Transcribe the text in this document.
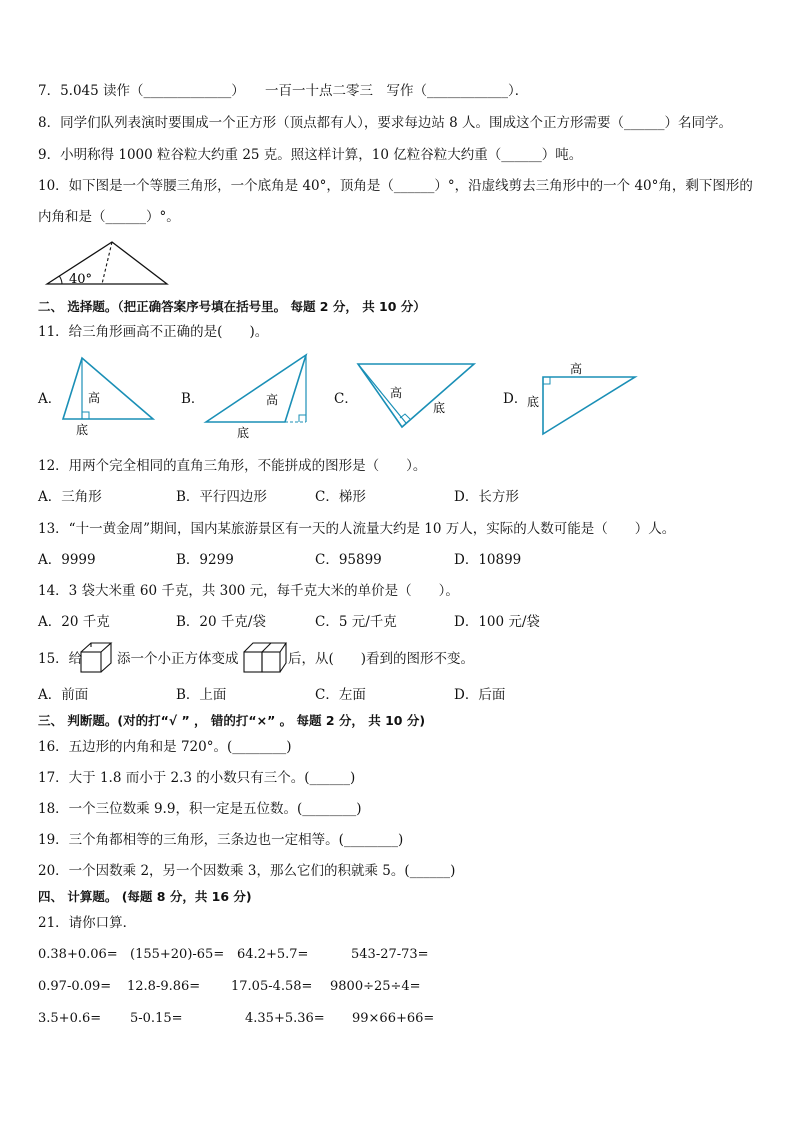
7．5.045 读作（_____________）　　一百一十点二零三　写作（____________）．
8．同学们队列表演时要围成一个正方形（顶点都有人），要求每边站 8 人。围成这个正方形需要（______）名同学。
9．小明称得 1000 粒谷粒大约重 25 克。照这样计算，10 亿粒谷粒大约重（______）吨。
10．如下图是一个等腰三角形，一个底角是 40°，顶角是（______）°，沿虚线剪去三角形中的一个 40°角，剩下图形的
内角和是（______）°。
40°
二、 选择题。（把正确答案序号填在括号里。 每题 2 分， 共 10 分）
11．给三角形画高不正确的是(　　)。
A． 高
底
B．	高
底
C．	高
底
D．
高
底
12．用两个完全相同的直角三角形，不能拼成的图形是（　　）。
A．三角形	B．平行四边形	C．梯形	D．长方形
13．“十一黄金周”期间，国内某旅游景区有一天的人流量大约是 10 万人，实际的人数可能是（　　）人。
A．9999	B．9299	C．95899	D．10899
14．3 袋大米重 60 千克，共 300 元，每千克大米的单价是（　　）。
A．20 千克	B．20 千克/袋	C．5 元/千克	D．100 元/袋
15．给	添一个小正方体变成	后，从(　　)看到的图形不变。
A．前面	B．上面	C．左面	D．后面
三、 判断题。(对的打“√ ” ， 错的打“×” 。 每题 2 分， 共 10 分)
16．五边形的内角和是 720°。(________)
17．大于 1.8 而小于 2.3 的小数只有三个。(______)
18．一个三位数乘 9.9，积一定是五位数。(________)
19．三个角都相等的三角形，三条边也一定相等。(________)
20．一个因数乘 2，另一个因数乘 3，那么它们的积就乘 5。(______)
四、 计算题。 (每题 8 分，共 16 分)
21．请你口算．
0.38+0.06= (155+20)-65= 64.2+5.7=	543-27-73=
0.97-0.09= 12.8-9.86= 17.05-4.58= 9800÷25÷4=
3.5+0.6= 5-0.15=	4.35+5.36= 99×66+66=
